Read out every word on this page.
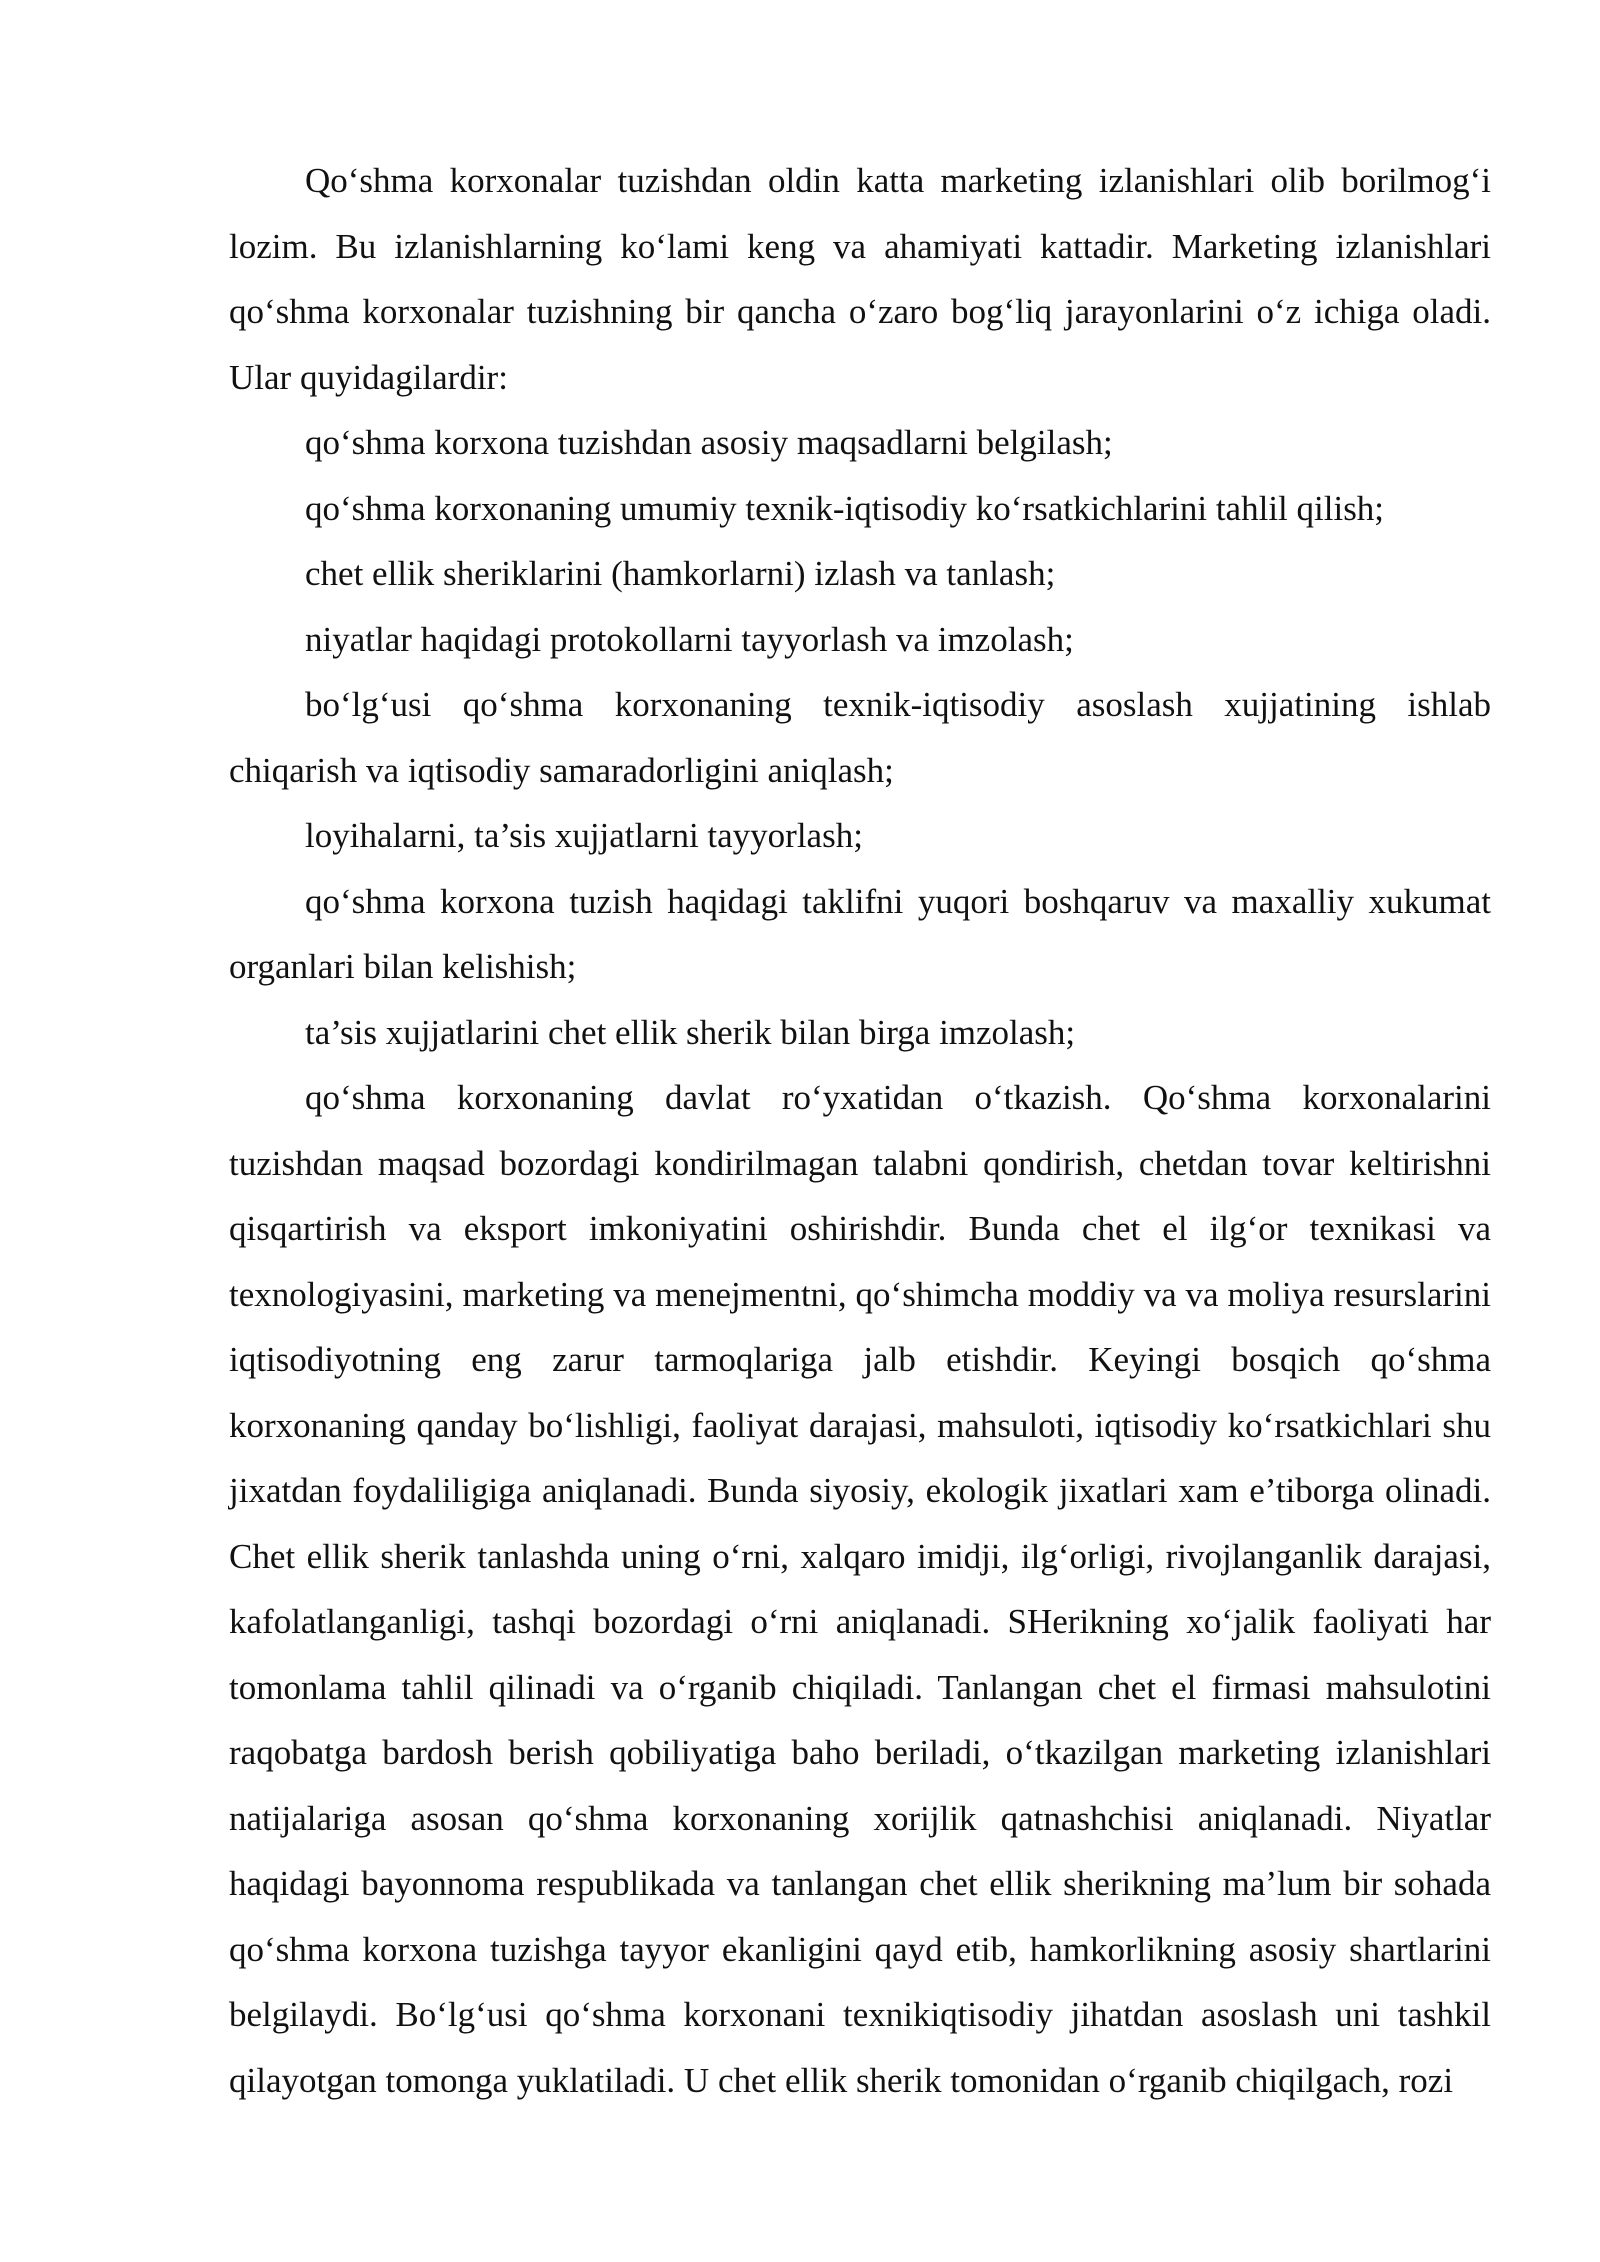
Qo‘shma korxonalar tuzishdan oldin katta marketing izlanishlari olib borilmog‘i lozim. Bu izlanishlarning ko‘lami keng va ahamiyati kattadir. Marketing izlanishlari qo‘shma korxonalar tuzishning bir qancha o‘zaro bog‘liq jarayonlarini o‘z ichiga oladi. Ular quyidagilardir:

qo‘shma korxona tuzishdan asosiy maqsadlarni belgilash;

qo‘shma korxonaning umumiy texnik-iqtisodiy ko‘rsatkichlarini tahlil qilish;

chet ellik sheriklarini (hamkorlarni) izlash va tanlash;

niyatlar haqidagi protokollarni tayyorlash va imzolash;

bo‘lg‘usi qo‘shma korxonaning texnik-iqtisodiy asoslash xujjatining ishlab chiqarish va iqtisodiy samaradorligini aniqlash;

loyihalarni, ta’sis xujjatlarni tayyorlash;

qo‘shma korxona tuzish haqidagi taklifni yuqori boshqaruv va maxalliy xukumat organlari bilan kelishish;

ta’sis xujjatlarini chet ellik sherik bilan birga imzolash;

qo‘shma korxonaning davlat ro‘yxatidan o‘tkazish. Qo‘shma korxonalarini tuzishdan maqsad bozordagi kondirilmagan talabni qondirish, chetdan tovar keltirishni qisqartirish va eksport imkoniyatini oshirishdir. Bunda chet el ilg‘or texnikasi va texnologiyasini, marketing va menejmentni, qo‘shimcha moddiy va va moliya resurslarini iqtisodiyotning eng zarur tarmoqlariga jalb etishdir. Keyingi bosqich qo‘shma korxonaning qanday bo‘lishligi, faoliyat darajasi, mahsuloti, iqtisodiy ko‘rsatkichlari shu jixatdan foydaliligiga aniqlanadi. Bunda siyosiy, ekologik jixatlari xam e’tiborga olinadi. Chet ellik sherik tanlashda uning o‘rni, xalqaro imidji, ilg‘orligi, rivojlanganlik darajasi, kafolatlanganligi, tashqi bozordagi o‘rni aniqlanadi. SHerikning xo‘jalik faoliyati har tomonlama tahlil qilinadi va o‘rganib chiqiladi. Tanlangan chet el firmasi mahsulotini raqobatga bardosh berish qobiliyatiga baho beriladi, o‘tkazilgan marketing izlanishlari natijalariga asosan qo‘shma korxonaning xorijlik qatnashchisi aniqlanadi. Niyatlar haqidagi bayonnoma respublikada va tanlangan chet ellik sherikning ma’lum bir sohada qo‘shma korxona tuzishga tayyor ekanligini qayd etib, hamkorlikning asosiy shartlarini belgilaydi. Bo‘lg‘usi qo‘shma korxonani texnikiqtisodiy jihatdan asoslash uni tashkil qilayotgan tomonga yuklatiladi. U chet ellik sherik tomonidan o‘rganib chiqilgach, rozi
